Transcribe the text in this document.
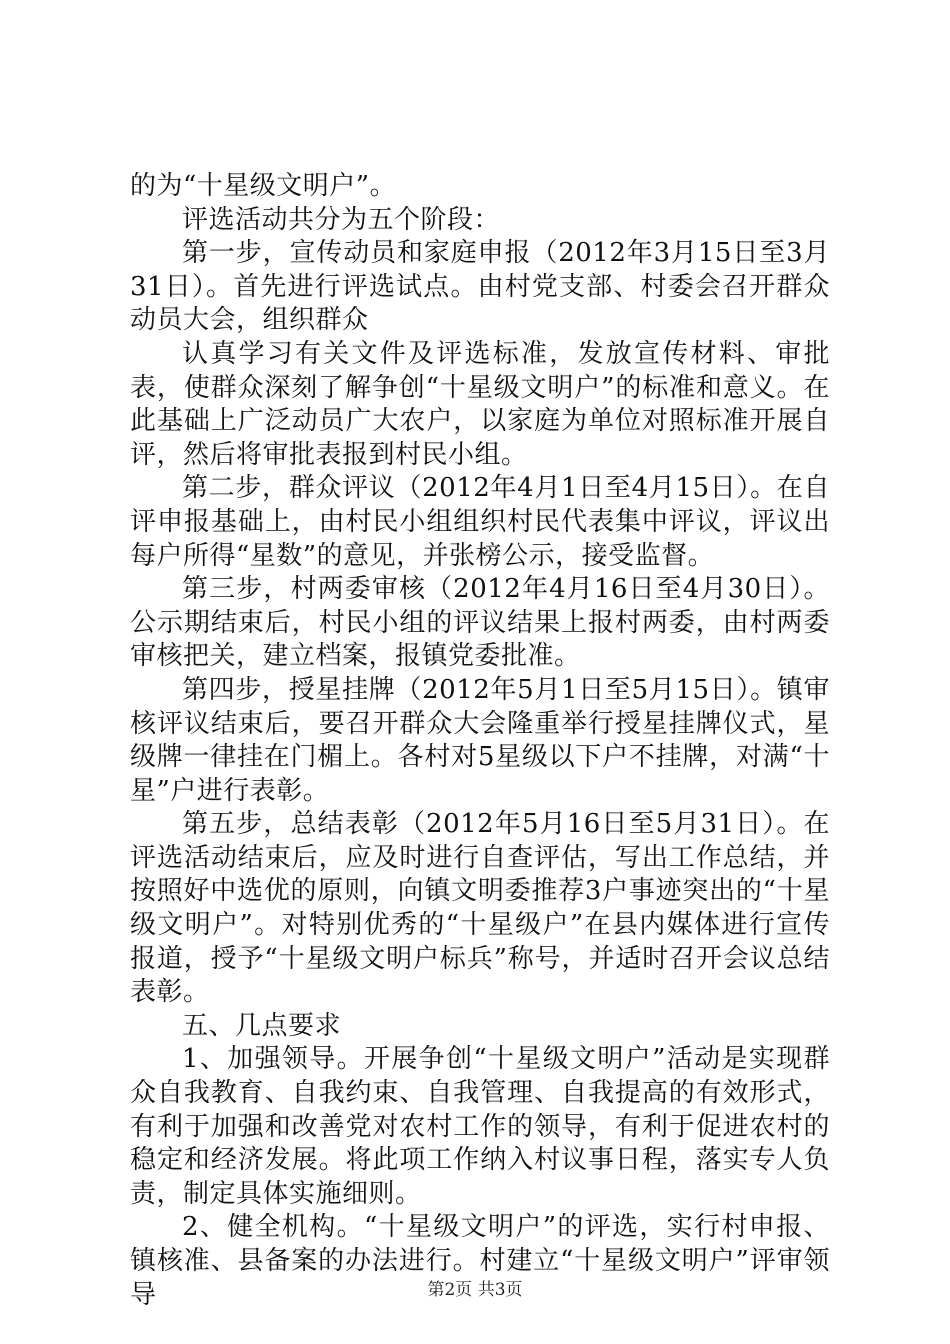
的为“十星级文明户”。

评选活动共分为五个阶段：

第一步，宣传动员和家庭申报（2012年3月15日至3月31日）。首先进行评选试点。由村党支部、村委会召开群众动员大会，组织群众

认真学习有关文件及评选标准，发放宣传材料、审批表，使群众深刻了解争创“十星级文明户”的标准和意义。在此基础上广泛动员广大农户，以家庭为单位对照标准开展自评，然后将审批表报到村民小组。

第二步，群众评议（2012年4月1日至4月15日）。在自评申报基础上，由村民小组组织村民代表集中评议，评议出每户所得“星数”的意见，并张榜公示，接受监督。

第三步，村两委审核（2012年4月16日至4月30日）。公示期结束后，村民小组的评议结果上报村两委，由村两委审核把关，建立档案，报镇党委批准。

第四步，授星挂牌（2012年5月1日至5月15日）。镇审核评议结束后，要召开群众大会隆重举行授星挂牌仪式，星级牌一律挂在门楣上。各村对5星级以下户不挂牌，对满“十星”户进行表彰。

第五步，总结表彰（2012年5月16日至5月31日）。在评选活动结束后，应及时进行自查评估，写出工作总结，并按照好中选优的原则，向镇文明委推荐3户事迹突出的“十星级文明户”。对特别优秀的“十星级户”在县内媒体进行宣传报道，授予“十星级文明户标兵”称号，并适时召开会议总结表彰。

五、几点要求

1、加强领导。开展争创“十星级文明户”活动是实现群众自我教育、自我约束、自我管理、自我提高的有效形式，有利于加强和改善党对农村工作的领导，有利于促进农村的稳定和经济发展。将此项工作纳入村议事日程，落实专人负责，制定具体实施细则。

2、健全机构。“十星级文明户”的评选，实行村申报、镇核准、县备案的办法进行。村建立“十星级文明户”评审领导	第2页 共3页
